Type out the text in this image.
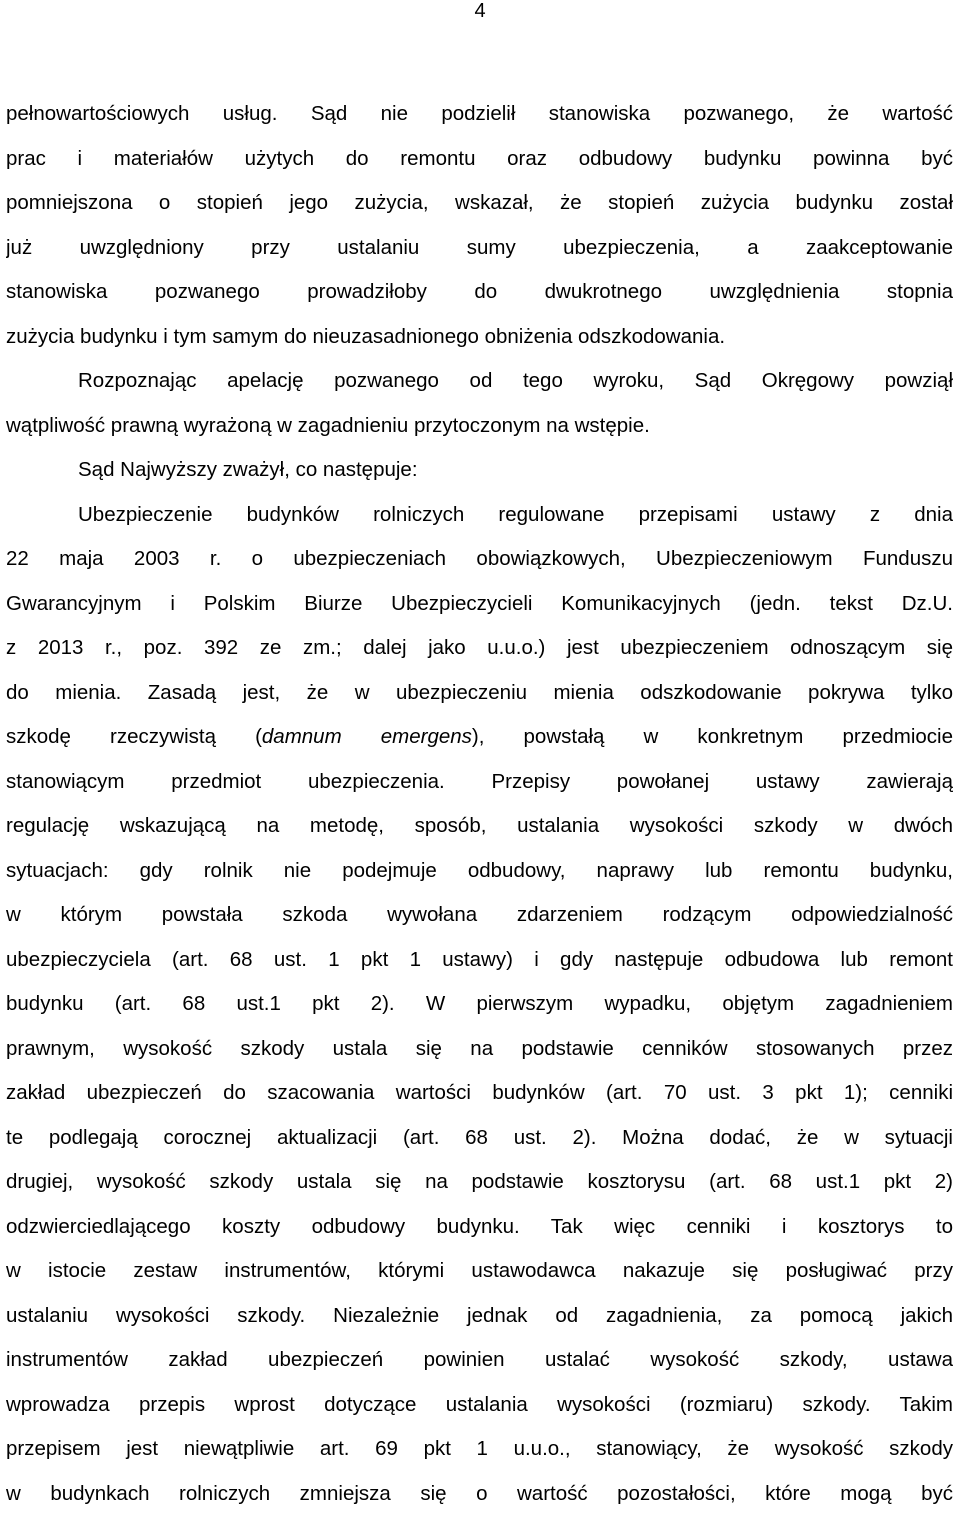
4
pełnowartościowych usług. Sąd nie podzielił stanowiska pozwanego, że wartość
prac i materiałów użytych do remontu oraz odbudowy budynku powinna być
pomniejszona o stopień jego zużycia, wskazał, że stopień zużycia budynku został
już uwzględniony przy ustalaniu sumy ubezpieczenia, a zaakceptowanie
stanowiska pozwanego prowadziłoby do dwukrotnego uwzględnienia stopnia
zużycia budynku i tym samym do nieuzasadnionego obniżenia odszkodowania.
Rozpoznając apelację pozwanego od tego wyroku, Sąd Okręgowy powziął
wątpliwość prawną wyrażoną w zagadnieniu przytoczonym na wstępie.
Sąd Najwyższy zważył, co następuje:
Ubezpieczenie budynków rolniczych regulowane przepisami ustawy z dnia
22 maja 2003 r. o ubezpieczeniach obowiązkowych, Ubezpieczeniowym Funduszu
Gwarancyjnym i Polskim Biurze Ubezpieczycieli Komunikacyjnych (jedn. tekst Dz.U.
z 2013 r., poz. 392 ze zm.; dalej jako u.u.o.) jest ubezpieczeniem odnoszącym się
do mienia. Zasadą jest, że w ubezpieczeniu mienia odszkodowanie pokrywa tylko
szkodę rzeczywistą (damnum emergens), powstałą w konkretnym przedmiocie
stanowiącym przedmiot ubezpieczenia. Przepisy powołanej ustawy zawierają
regulację wskazującą na metodę, sposób, ustalania wysokości szkody w dwóch
sytuacjach: gdy rolnik nie podejmuje odbudowy, naprawy lub remontu budynku,
w którym powstała szkoda wywołana zdarzeniem rodzącym odpowiedzialność
ubezpieczyciela (art. 68 ust. 1 pkt 1 ustawy) i gdy następuje odbudowa lub remont
budynku (art. 68 ust.1 pkt 2). W pierwszym wypadku, objętym zagadnieniem
prawnym, wysokość szkody ustala się na podstawie cenników stosowanych przez
zakład ubezpieczeń do szacowania wartości budynków (art. 70 ust. 3 pkt 1); cenniki
te podlegają corocznej aktualizacji (art. 68 ust. 2). Można dodać, że w sytuacji
drugiej, wysokość szkody ustala się na podstawie kosztorysu (art. 68 ust.1 pkt 2)
odzwierciedlającego koszty odbudowy budynku. Tak więc cenniki i kosztorys to
w istocie zestaw instrumentów, którymi ustawodawca nakazuje się posługiwać przy
ustalaniu wysokości szkody. Niezależnie jednak od zagadnienia, za pomocą jakich
instrumentów zakład ubezpieczeń powinien ustalać wysokość szkody, ustawa
wprowadza przepis wprost dotyczące ustalania wysokości (rozmiaru) szkody. Takim
przepisem jest niewątpliwie art. 69 pkt 1 u.u.o., stanowiący, że wysokość szkody
w budynkach rolniczych zmniejsza się o wartość pozostałości, które mogą być
